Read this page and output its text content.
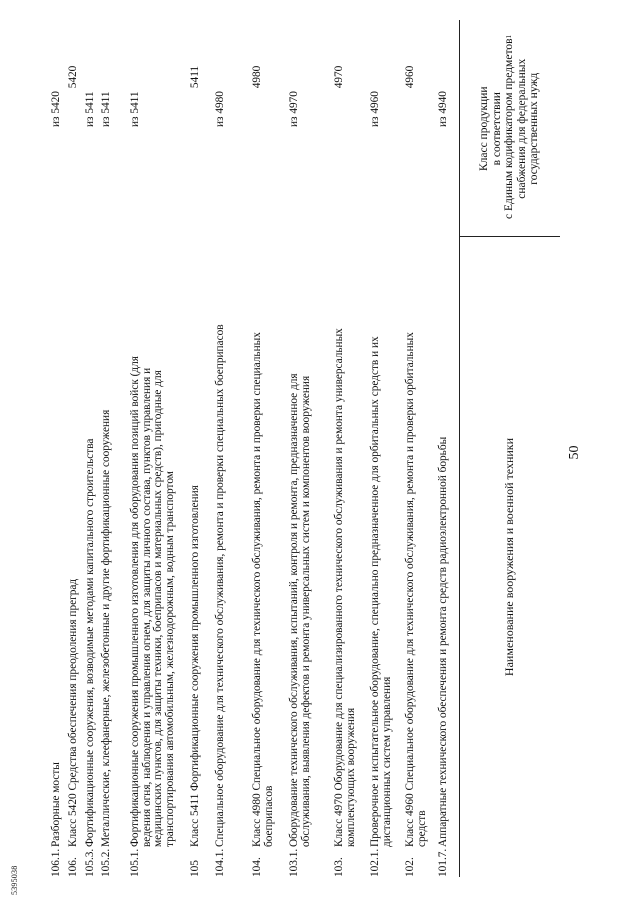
50
5395038
Наименование вооружения и военной техники
Класс продукции
в соответствии
с Единым кодификатором предметов
снабжения для федеральных
государственных нужд
1
101.7.
Аппаратные технического обеспечения и ремонта средств радиоэлектронной борьбы
из 4940
102.
Класс 4960 Специальное оборудование для технического обслуживания, ремонта и проверки орбитальных средств
4960
102.1.
Проверочное и испытательное оборудование, специально предназначенное для орбитальных средств и их дистанционных систем управления
из 4960
103.
Класс 4970 Оборудование для специализированного технического обслуживания и ремонта универсальных комплектующих вооружения
4970
103.1.
Оборудование технического обслуживания, испытаний, контроля и ремонта, предназначенное для обслуживания, выявления дефектов и ремонта универсальных систем и компонентов вооружения
из 4970
104.
Класс 4980 Специальное оборудование для технического обслуживания, ремонта и проверки специальных боеприпасов
4980
104.1.
Специальное оборудование для технического обслуживания, ремонта и проверки специальных боеприпасов
из 4980
105
Класс 5411 Фортификационные сооружения промышленного изготовления
5411
105.1.
Фортификационные сооружения промышленного изготовления для оборудования позиций войск (для ведения огня, наблюдения и управления огнем, для защиты личного состава, пунктов управления и медицинских пунктов, для защиты техники, боеприпасов и материальных средств), пригодные для транспортирования автомобильным, железнодорожным, водным транспортом
из 5411
105.2.
Металлические, клеефанерные, железобетонные и другие фортификационные сооружения
из 5411
105.3.
Фортификационные сооружения, возводимые методами капитального строительства
из 5411
106.
Класс 5420 Средства обеспечения преодоления преград
5420
106.1.
Разборные мосты
из 5420
